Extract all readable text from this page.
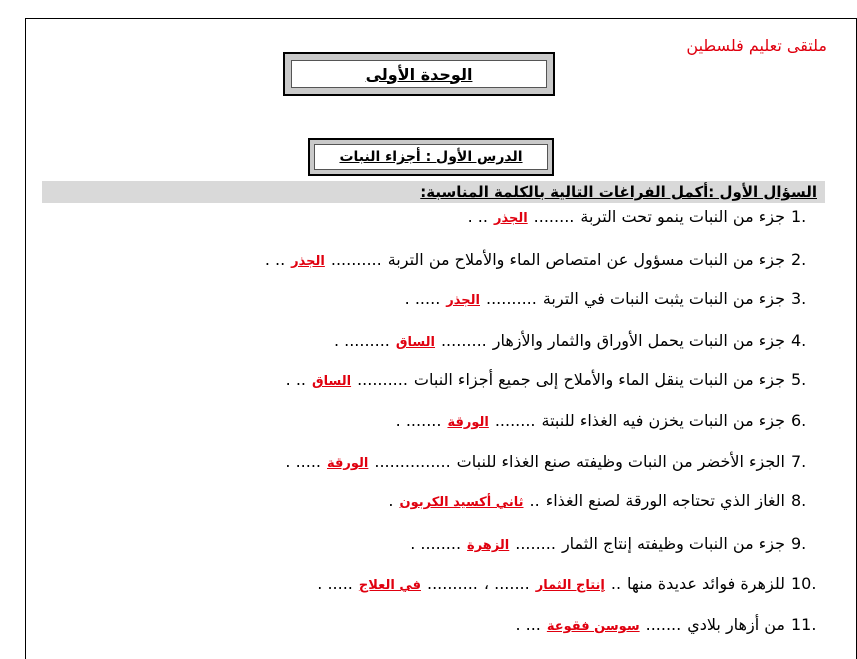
ملتقى تعليم فلسطين
الوحدة الأولى
الدرس الأول : أجزاء النبات
السؤال الأول :أكمل الفراغات التالية بالكلمة المناسبة:
1.
جزء من النبات ينمو تحت التربة
........
الجذر
.. .
2.
جزء من النبات مسؤول عن امتصاص الماء والأملاح من التربة
..........
الجذر
.. .
3.
جزء من النبات يثبت النبات في التربة
..........
الجذر
..... .
4.
جزء من النبات يحمل الأوراق والثمار والأزهار
.........
الساق
......... .
5.
جزء من النبات ينقل الماء والأملاح إلى جميع أجزاء النبات
..........
الساق
.. .
6.
جزء من النبات يخزن فيه الغذاء للنبتة
........
الورقة
....... .
7.
الجزء الأخضر من النبات وظيفته صنع الغذاء للنبات
...............
الورقة
..... .
8.
الغاز الذي تحتاجه الورقة لصنع الغذاء
..
ثاني أكسيد الكربون
.
9.
جزء من النبات وظيفته إنتاج الثمار
........
الزهرة
........ .
10.
للزهرة فوائد عديدة منها
..
إنتاج الثمار
....... ،
..........
في العلاج
..... .
11.
من أزهار بلادي
.......
سوسن فقوعة
... .
